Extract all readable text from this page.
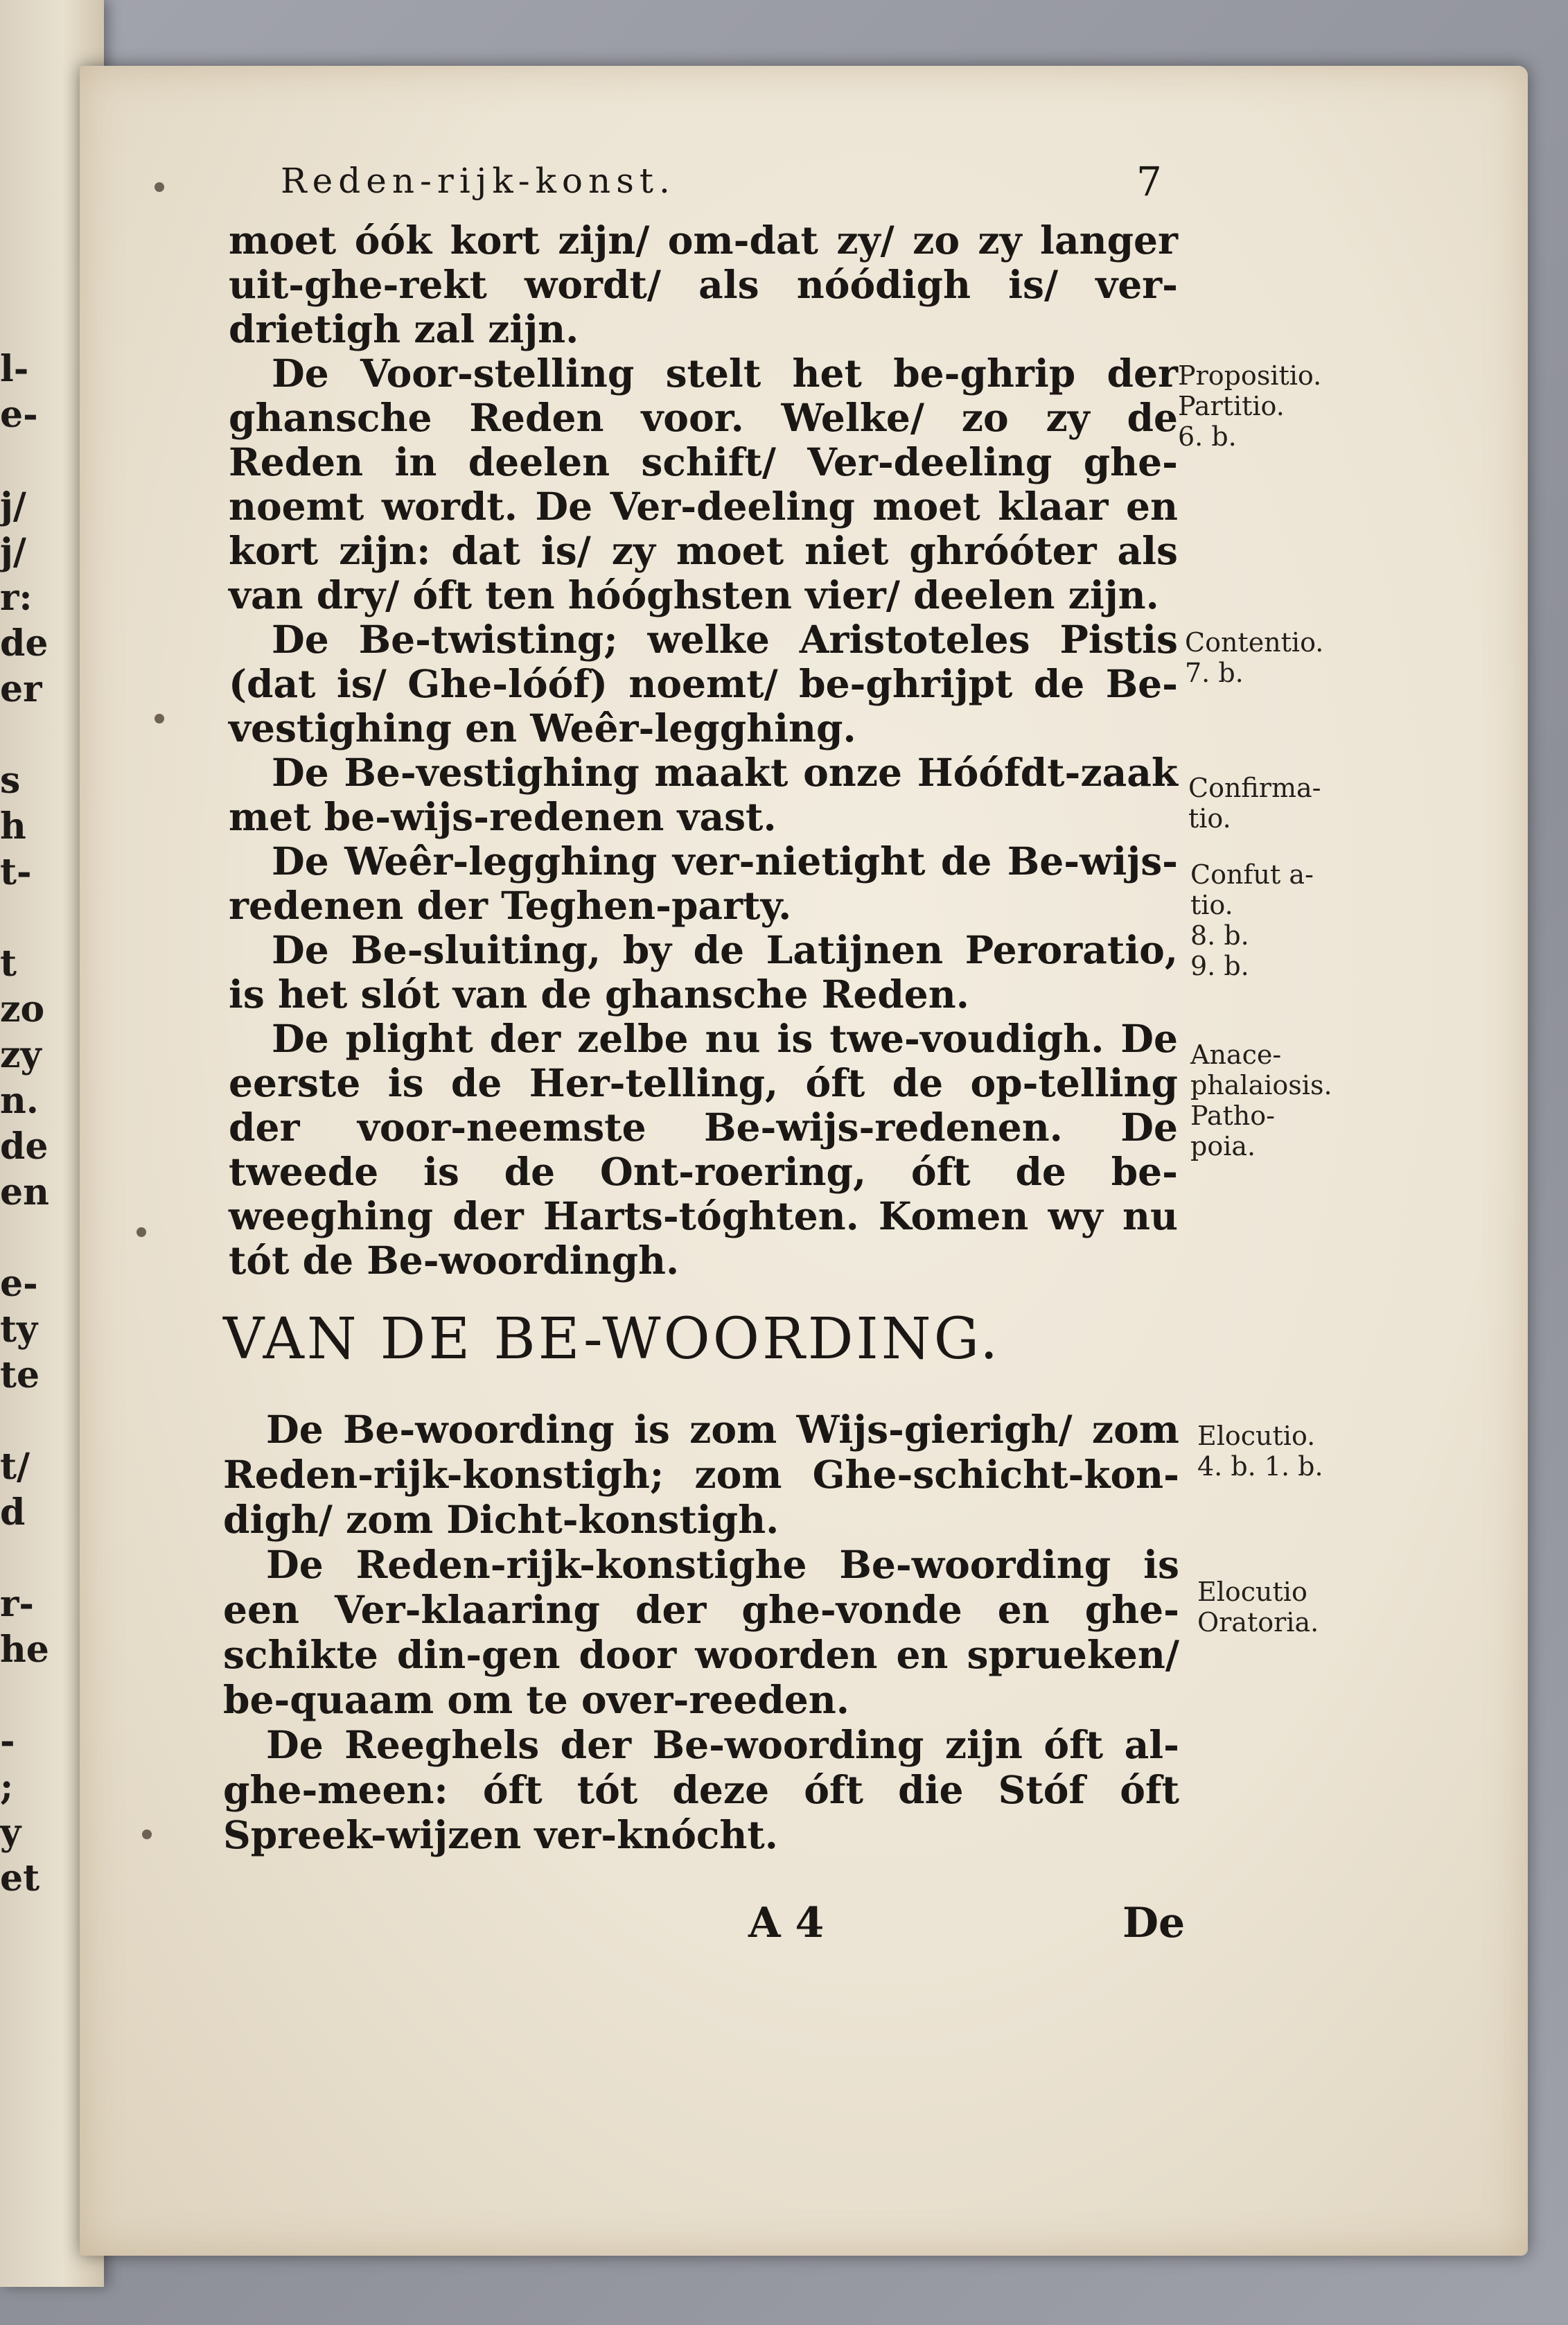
l-
e-

j/
j/
r:
de
er

s
h
t-

t
zo
zy
n.
de
en

e-
ty
te

t/
d

r-
he

-
;
y
et
Reden-rijk-konst.	7

moet óók kort zijn/ om-dat zy/ zo zy langer uit-ghe-rekt wordt/ als nóódigh is/ ver-drietigh zal zijn.

De Voor-stelling stelt het be-ghrip der ghansche Reden voor. Welke/ zo zy de Reden in deelen schift/ Ver-deeling ghe-noemt wordt. De Ver-deeling moet klaar en kort zijn: dat is/ zy moet niet ghróóter als van dry/ óft ten hóóghsten vier/ deelen zijn.

De Be-twisting; welke Aristoteles Pistis (dat is/ Ghe-lóóf) noemt/ be-ghrijpt de Be-vestighing en Weêr-legghing.

De Be-vestighing maakt onze Hóófdt-zaak met be-wijs-redenen vast.

De Weêr-legghing ver-nietight de Be-wijs-redenen der Teghen-party.

De Be-sluiting, by de Latijnen Peroratio, is het slót van de ghansche Reden.

De plight der zelbe nu is twe-voudigh. De eerste is de Her-telling, óft de op-telling der voor-neemste Be-wijs-redenen. De tweede is de Ont-roering, óft de be-weeghing der Harts-tóghten. Komen wy nu tót de Be-woordingh.

VAN DE BE-WOORDING.

De Be-woording is zom Wijs-gierigh/ zom Reden-rijk-konstigh; zom Ghe-schicht-kon-digh/ zom Dicht-konstigh.

De Reden-rijk-konstighe Be-woording is een Ver-klaaring der ghe-vonde en ghe-schikte din-gen door woorden en sprueken/ be-quaam om te over-reeden.

De Reeghels der Be-woording zijn óft al-ghe-meen: óft tót deze óft die Stóf óft Spreek-wijzen ver-knócht.

Propositio.
Partitio.
6. b.
Contentio.
7. b.
Confirma-
tio.
Confut a-
tio.
8. b.
9. b.
Anace-
phalaiosis.
Patho-
poia.
Elocutio.
4. b. 1. b.
Elocutio
Oratoria.
A 4	De
